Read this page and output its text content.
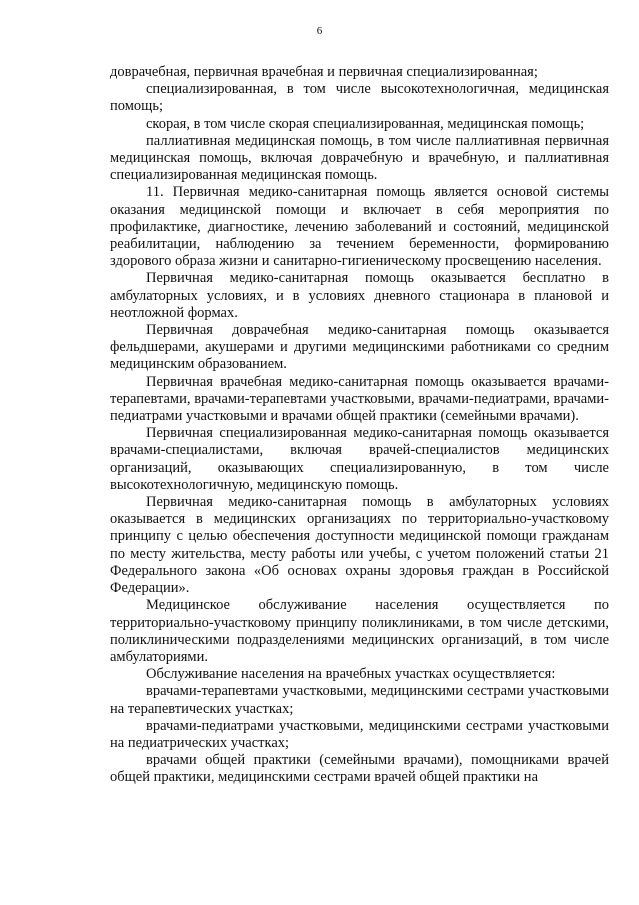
6

доврачебная, первичная врачебная и первичная специализированная;

специализированная, в том числе высокотехнологичная, медицинская помощь;

скорая, в том числе скорая специализированная, медицинская помощь;

паллиативная медицинская помощь, в том числе паллиативная первичная медицинская помощь, включая доврачебную и врачебную, и паллиативная специализированная медицинская помощь.

11. Первичная медико-санитарная помощь является основой системы оказания медицинской помощи и включает в себя мероприятия по профилактике, диагностике, лечению заболеваний и состояний, медицинской реабилитации, наблюдению за течением беременности, формированию здорового образа жизни и санитарно-гигиеническому просвещению населения.

Первичная медико-санитарная помощь оказывается бесплатно в амбулаторных условиях, и в условиях дневного стационара в плановой и неотложной формах.

Первичная доврачебная медико-санитарная помощь оказывается фельдшерами, акушерами и другими медицинскими работниками со средним медицинским образованием.

Первичная врачебная медико-санитарная помощь оказывается врачами-терапевтами, врачами-терапевтами участковыми, врачами-педиатрами, врачами-педиатрами участковыми и врачами общей практики (семейными врачами).

Первичная специализированная медико-санитарная помощь оказывается врачами-специалистами, включая врачей-специалистов медицинских организаций, оказывающих специализированную, в том числе высокотехнологичную, медицинскую помощь.

Первичная медико-санитарная помощь в амбулаторных условиях оказывается в медицинских организациях по территориально-участковому принципу с целью обеспечения доступности медицинской помощи гражданам по месту жительства, месту работы или учебы, с учетом положений статьи 21 Федерального закона «Об основах охраны здоровья граждан в Российской Федерации».

Медицинское обслуживание населения осуществляется по территориально-участковому принципу поликлиниками, в том числе детскими, поликлиническими подразделениями медицинских организаций, в том числе амбулаториями.

Обслуживание населения на врачебных участках осуществляется:

врачами-терапевтами участковыми, медицинскими сестрами участковыми на терапевтических участках;

врачами-педиатрами участковыми, медицинскими сестрами участковыми на педиатрических участках;

врачами общей практики (семейными врачами), помощниками врачей общей практики, медицинскими сестрами врачей общей практики на
